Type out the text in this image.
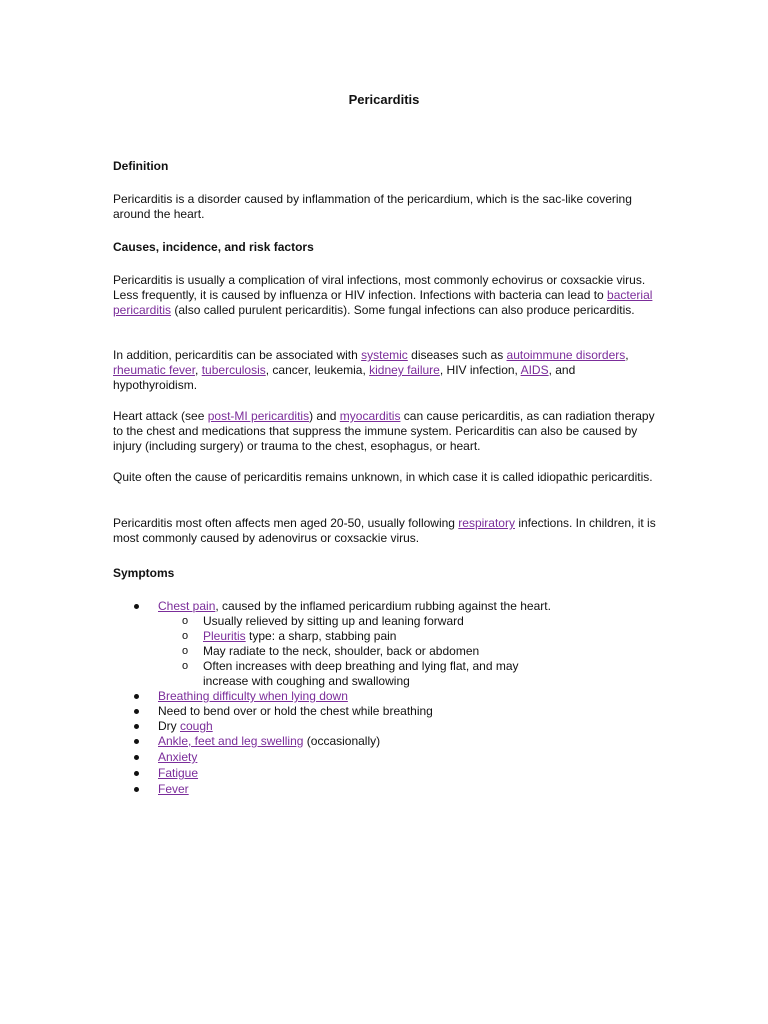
Pericarditis
Definition
Pericarditis is a disorder caused by inflammation of the pericardium, which is the sac-like covering around the heart.
Causes, incidence, and risk factors
Pericarditis is usually a complication of viral infections, most commonly echovirus or coxsackie virus. Less frequently, it is caused by influenza or HIV infection. Infections with bacteria can lead to bacterial pericarditis (also called purulent pericarditis). Some fungal infections can also produce pericarditis.
In addition, pericarditis can be associated with systemic diseases such as autoimmune disorders, rheumatic fever, tuberculosis, cancer, leukemia, kidney failure, HIV infection, AIDS, and hypothyroidism.
Heart attack (see post-MI pericarditis) and myocarditis can cause pericarditis, as can radiation therapy to the chest and medications that suppress the immune system. Pericarditis can also be caused by injury (including surgery) or trauma to the chest, esophagus, or heart.
Quite often the cause of pericarditis remains unknown, in which case it is called idiopathic pericarditis.
Pericarditis most often affects men aged 20-50, usually following respiratory infections. In children, it is most commonly caused by adenovirus or coxsackie virus.
Symptoms
Chest pain, caused by the inflamed pericardium rubbing against the heart.
o Usually relieved by sitting up and leaning forward
o Pleuritis type: a sharp, stabbing pain
o May radiate to the neck, shoulder, back or abdomen
o Often increases with deep breathing and lying flat, and may increase with coughing and swallowing
Breathing difficulty when lying down
Need to bend over or hold the chest while breathing
Dry cough
Ankle, feet and leg swelling (occasionally)
Anxiety
Fatigue
Fever
